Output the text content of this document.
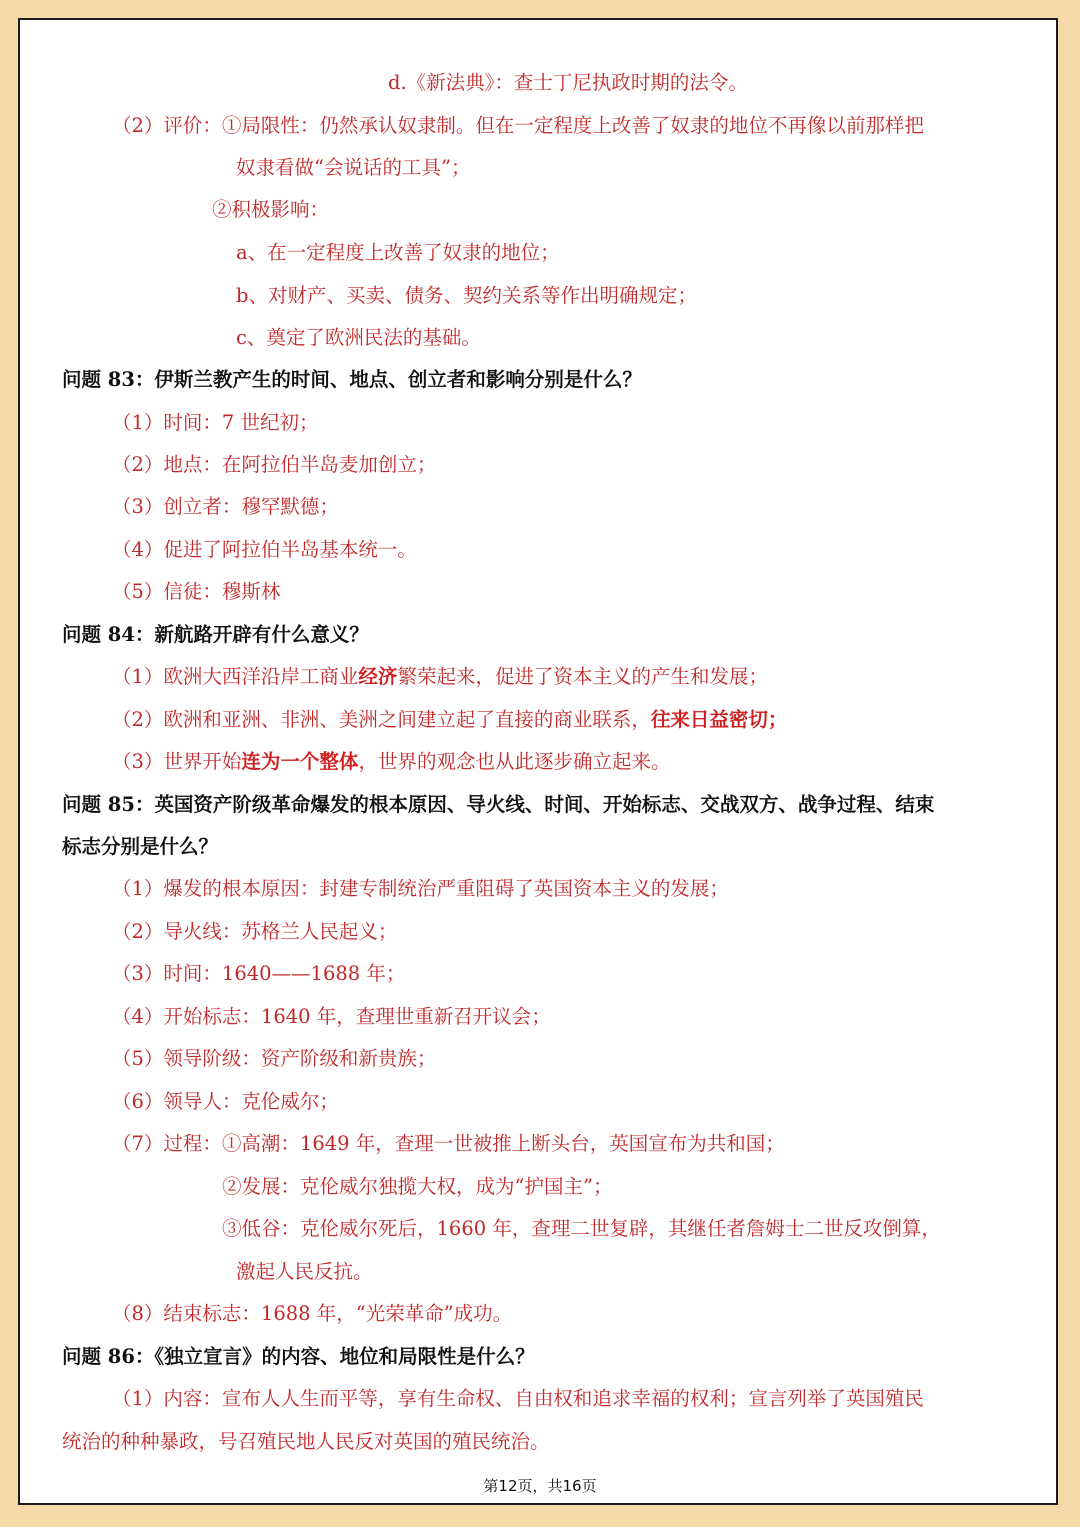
d.《新法典》：查士丁尼执政时期的法令。
（2）评价：①局限性：仍然承认奴隶制。但在一定程度上改善了奴隶的地位不再像以前那样把
奴隶看做“会说话的工具”；
②积极影响：
a、在一定程度上改善了奴隶的地位；
b、对财产、买卖、债务、契约关系等作出明确规定；
c、奠定了欧洲民法的基础。
问题 83：伊斯兰教产生的时间、地点、创立者和影响分别是什么？
（1）时间：7 世纪初；
（2）地点：在阿拉伯半岛麦加创立；
（3）创立者：穆罕默德；
（4）促进了阿拉伯半岛基本统一。
（5）信徒：穆斯林
问题 84：新航路开辟有什么意义？
（1）欧洲大西洋沿岸工商业经济繁荣起来，促进了资本主义的产生和发展；
（2）欧洲和亚洲、非洲、美洲之间建立起了直接的商业联系，往来日益密切；
（3）世界开始连为一个整体，世界的观念也从此逐步确立起来。
问题 85：英国资产阶级革命爆发的根本原因、导火线、时间、开始标志、交战双方、战争过程、结束
标志分别是什么？
（1）爆发的根本原因：封建专制统治严重阻碍了英国资本主义的发展；
（2）导火线：苏格兰人民起义；
（3）时间：1640——1688 年；
（4）开始标志：1640 年，查理世重新召开议会；
（5）领导阶级：资产阶级和新贵族；
（6）领导人：克伦威尔；
（7）过程：①高潮：1649 年，查理一世被推上断头台，英国宣布为共和国；
②发展：克伦威尔独揽大权，成为“护国主”；
③低谷：克伦威尔死后，1660 年，查理二世复辟，其继任者詹姆士二世反攻倒算，
激起人民反抗。
（8）结束标志：1688 年，“光荣革命”成功。
问题 86：《独立宣言》的内容、地位和局限性是什么？
（1）内容：宣布人人生而平等，享有生命权、自由权和追求幸福的权利；宣言列举了英国殖民
统治的种种暴政，号召殖民地人民反对英国的殖民统治。
第12页，共16页
